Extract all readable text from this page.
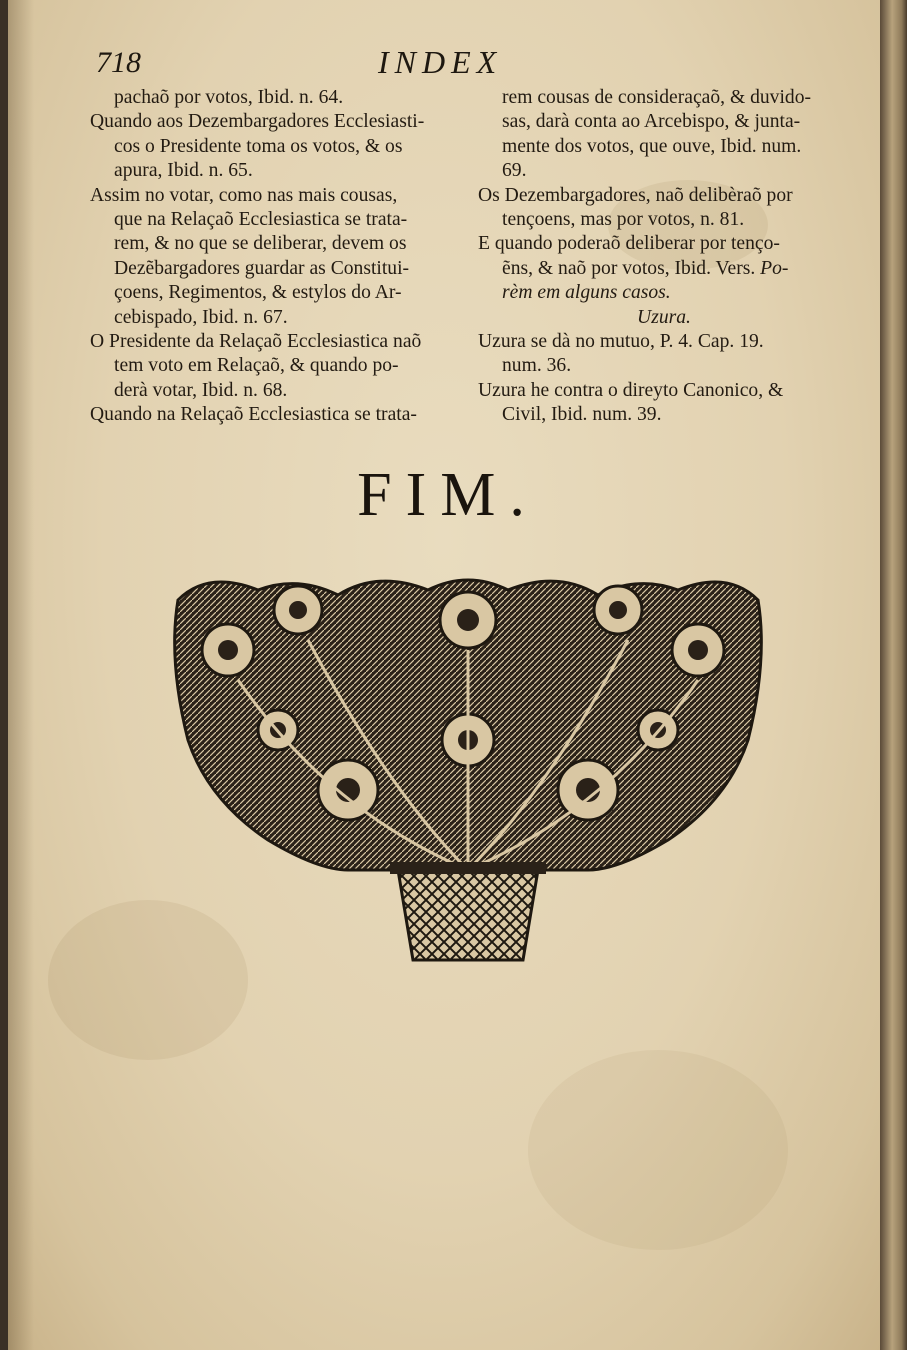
718	INDEX

pachaõ por votos, Ibid. n. 64.

Quando aos Dezembargadores Ecclesiasti-
cos o Presidente toma os votos, & os
apura, Ibid. n. 65.

Assim no votar, como nas mais cousas,
que na Relaçaõ Ecclesiastica se trata-
rem, & no que se deliberar, devem os
Dezẽbargadores guardar as Constitui-
çoens, Regimentos, & estylos do Ar-
cebispado, Ibid. n. 67.

O Presidente da Relaçaõ Ecclesiastica naõ
tem voto em Relaçaõ, & quando po-
derà votar, Ibid. n. 68.

Quando na Relaçaõ Ecclesiastica se trata-

rem cousas de consideraçaõ, & duvido-
sas, darà conta ao Arcebispo, & junta-
mente dos votos, que ouve, Ibid. num.
69.

Os Dezembargadores, naõ delibèraõ por
tençoens, mas por votos, n. 81.

E quando poderaõ deliberar por tenço-
ẽns, & naõ por votos, Ibid. Vers. Po-
rèm em alguns casos.

Uzura.

Uzura se dà no mutuo, P. 4. Cap. 19.
num. 36.

Uzura he contra o direyto Canonico, &
Civil, Ibid. num. 39.

FIM.
